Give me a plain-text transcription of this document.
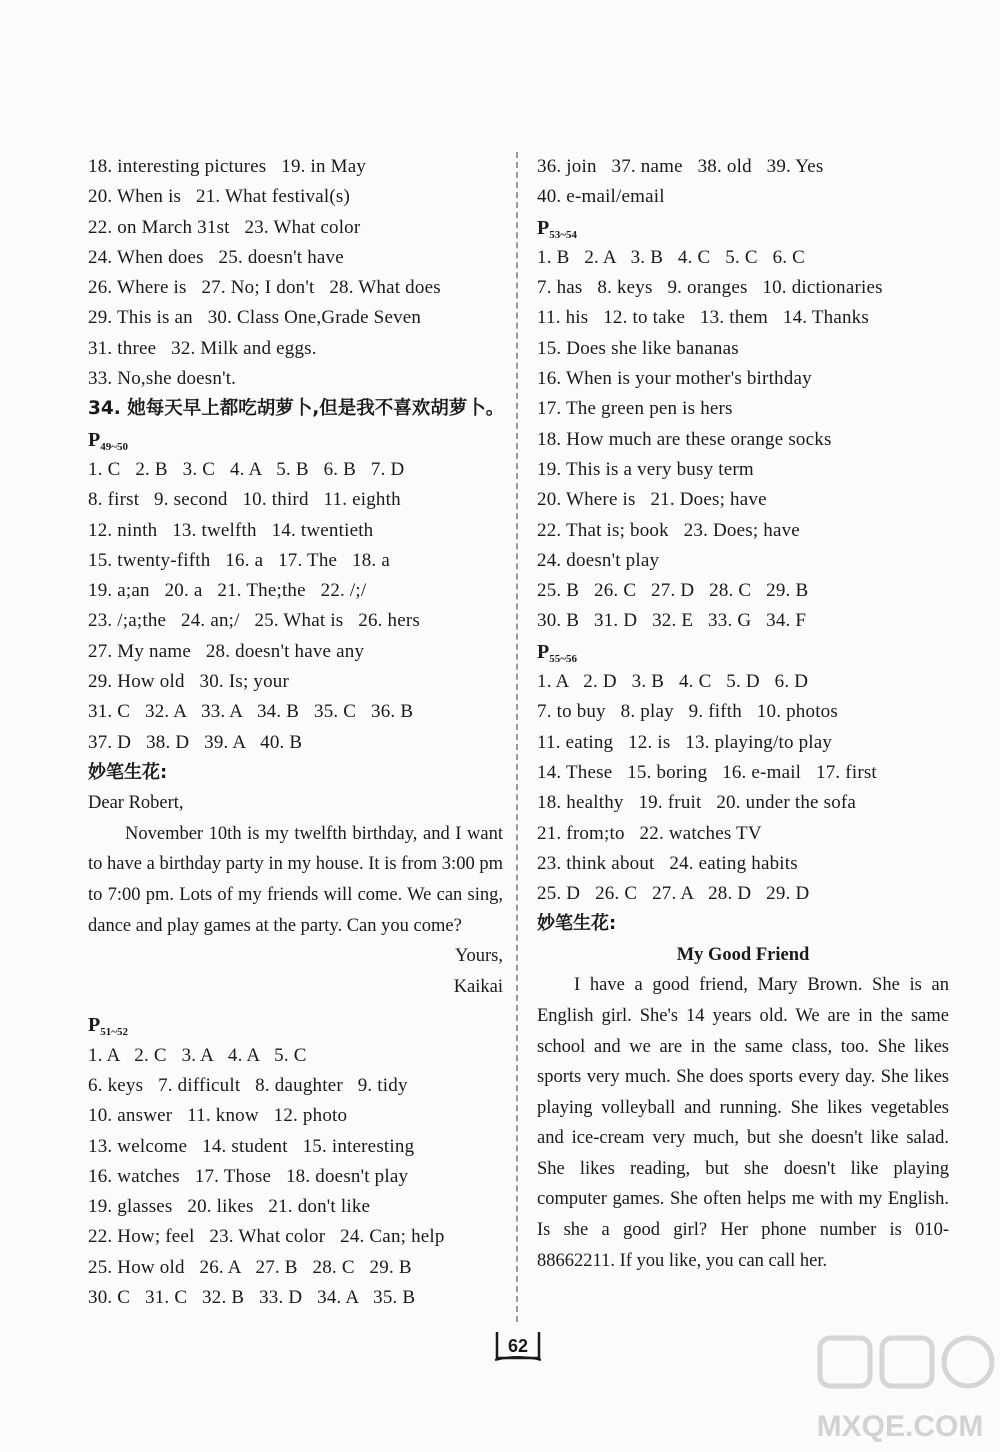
18. interesting pictures   19. in May
20. When is   21. What festival(s)
22. on March 31st   23. What color
24. When does   25. doesn't have
26. Where is   27. No; I don't   28. What does
29. This is an   30. Class One,Grade Seven
31. three   32. Milk and eggs.
33. No,she doesn't.
34. 她每天早上都吃胡萝卜,但是我不喜欢胡萝卜。
$P_{49\sim 50}$
1. C   2. B   3. C   4. A   5. B   6. B   7. D
8. first   9. second   10. third   11. eighth
12. ninth   13. twelfth   14. twentieth
15. twenty-fifth   16. a   17. The   18. a
19. a;an   20. a   21. The;the   22. /;/
23. /;a;the   24. an;/   25. What is   26. hers
27. My name   28. doesn't have any
29. How old   30. Is; your
31. C   32. A   33. A   34. B   35. C   36. B
37. D   38. D   39. A   40. B
妙笔生花:
Dear Robert,
November 10th is my twelfth birthday, and I want to have a birthday party in my house. It is from 3:00 pm to 7:00 pm. Lots of my friends will come. We can sing, dance and play games at the party. Can you come?
Yours,
Kaikai
$P_{51\sim 52}$
1. A   2. C   3. A   4. A   5. C
6. keys   7. difficult   8. daughter   9. tidy
10. answer   11. know   12. photo
13. welcome   14. student   15. interesting
16. watches   17. Those   18. doesn't play
19. glasses   20. likes   21. don't like
22. How; feel   23. What color   24. Can; help
25. How old   26. A   27. B   28. C   29. B
30. C   31. C   32. B   33. D   34. A   35. B
36. join   37. name   38. old   39. Yes
40. e-mail/email
$P_{53\sim 54}$
1. B   2. A   3. B   4. C   5. C   6. C
7. has   8. keys   9. oranges   10. dictionaries
11. his   12. to take   13. them   14. Thanks
15. Does she like bananas
16. When is your mother's birthday
17. The green pen is hers
18. How much are these orange socks
19. This is a very busy term
20. Where is   21. Does; have
22. That is; book   23. Does; have
24. doesn't play
25. B   26. C   27. D   28. C   29. B
30. B   31. D   32. E   33. G   34. F
$P_{55\sim 56}$
1. A   2. D   3. B   4. C   5. D   6. D
7. to buy   8. play   9. fifth   10. photos
11. eating   12. is   13. playing/to play
14. These   15. boring   16. e-mail   17. first
18. healthy   19. fruit   20. under the sofa
21. from;to   22. watches TV
23. think about   24. eating habits
25. D   26. C   27. A   28. D   29. D
妙笔生花:
My Good Friend
I have a good friend, Mary Brown. She is an English girl. She's 14 years old. We are in the same school and we are in the same class, too. She likes sports very much. She does sports every day. She likes playing volleyball and running. She likes vegetables and ice-cream very much, but she doesn't like salad. She likes reading, but she doesn't like playing computer games. She often helps me with my English. Is she a good girl? Her phone number is 010-88662211. If you like, you can call her.
62
MXQE.COM
